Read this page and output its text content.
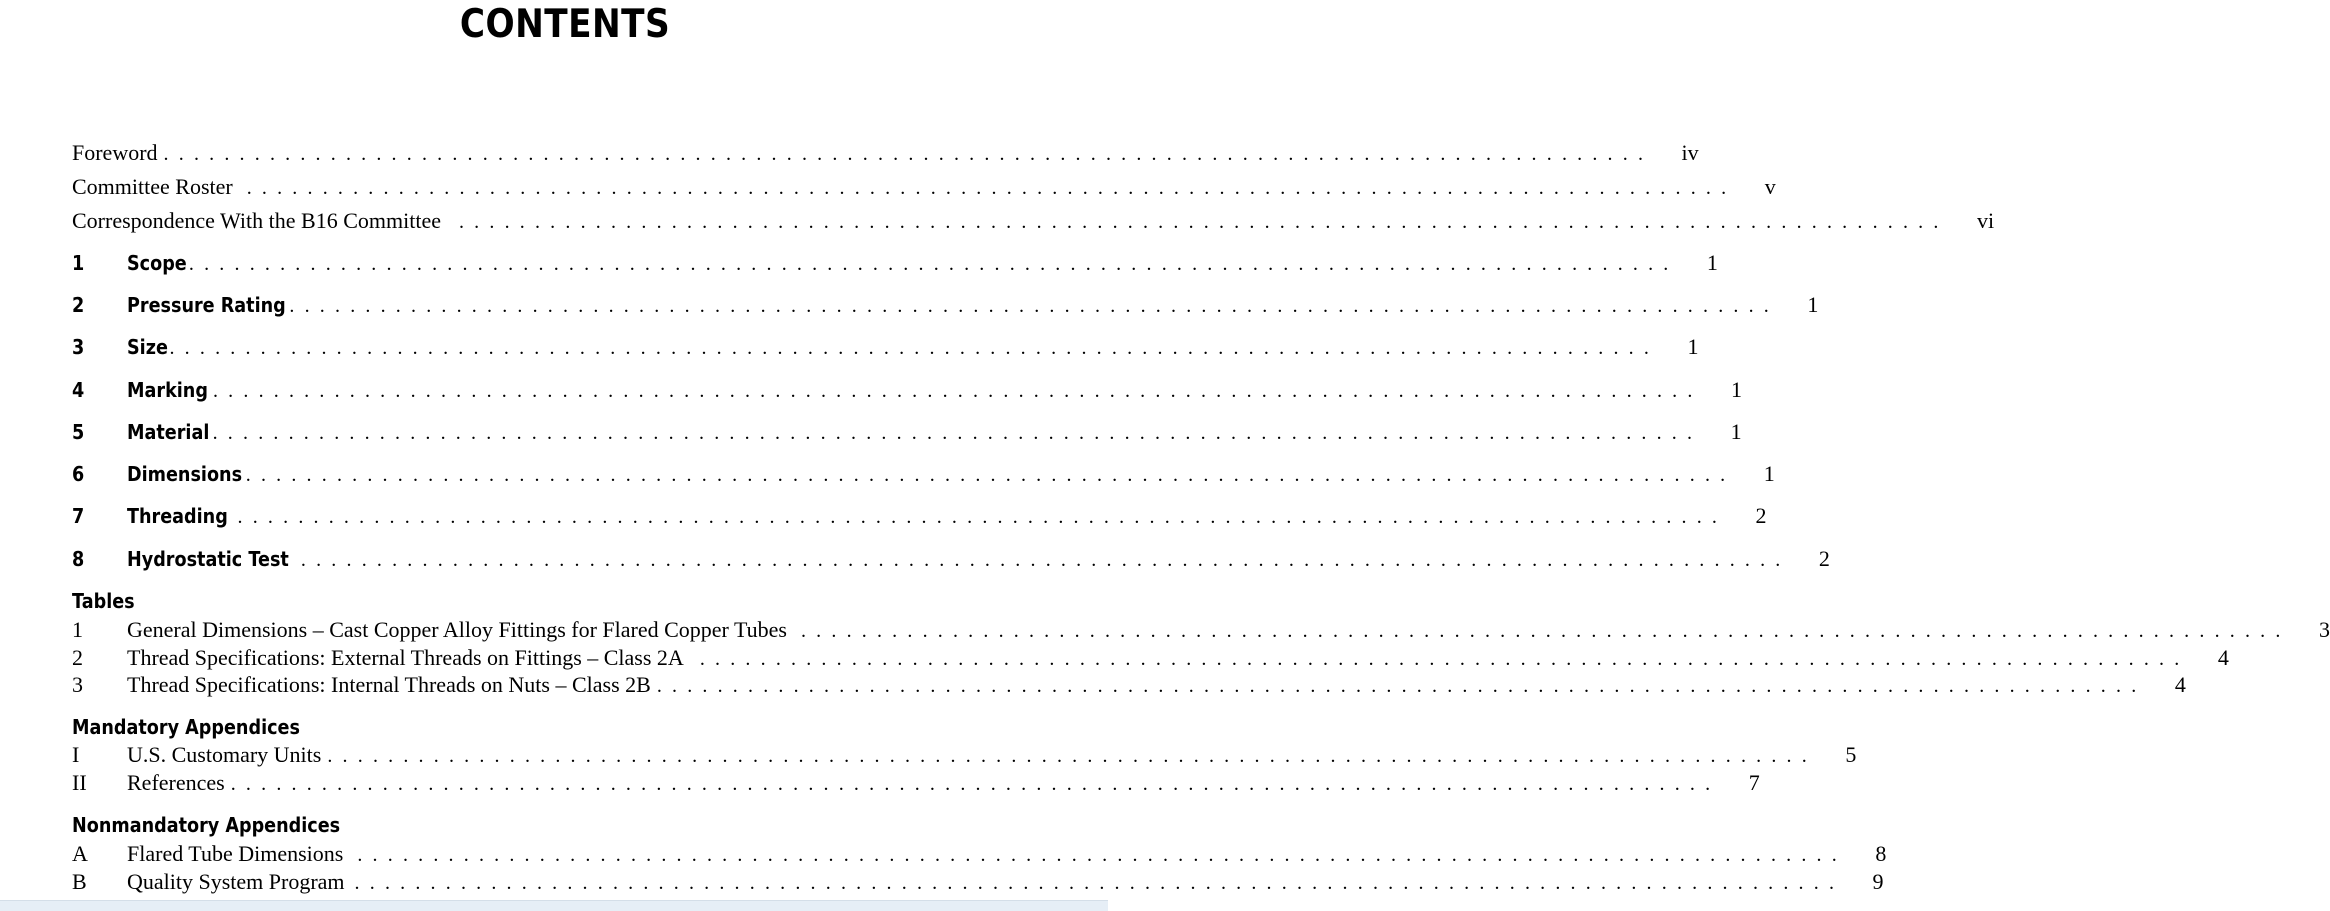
CONTENTS
Foreword . . . . . . . . . . . . . . . . . . . . . . . . . . . . . . . . . . . . . . . . . . . . . . . . . . . . . . . . . . . . . . . . . . . . . . . . . . . . . . . . . . . . . . . . . . . . . . . . . . iv
Committee Roster . . . . . . . . . . . . . . . . . . . . . . . . . . . . . . . . . . . . . . . . . . . . . . . . . . . . . . . . . . . . . . . . . . . . . . . . . . . . . . . . . . . . . . . . . . . . . . . . . . v
Correspondence With the B16 Committee . . . . . . . . . . . . . . . . . . . . . . . . . . . . . . . . . . . . . . . . . . . . . . . . . . . . . . . . . . . . . . . . . . . . . . . . . . . . . . . . . . . . . . . . . . . . . . . . . . vi
1	Scope . . . . . . . . . . . . . . . . . . . . . . . . . . . . . . . . . . . . . . . . . . . . . . . . . . . . . . . . . . . . . . . . . . . . . . . . . . . . . . . . . . . . . . . . . . . . . . . . . . 1
2	Pressure Rating . . . . . . . . . . . . . . . . . . . . . . . . . . . . . . . . . . . . . . . . . . . . . . . . . . . . . . . . . . . . . . . . . . . . . . . . . . . . . . . . . . . . . . . . . . . . . . . . . . 1
3	Size . . . . . . . . . . . . . . . . . . . . . . . . . . . . . . . . . . . . . . . . . . . . . . . . . . . . . . . . . . . . . . . . . . . . . . . . . . . . . . . . . . . . . . . . . . . . . . . . . . 1
4	Marking . . . . . . . . . . . . . . . . . . . . . . . . . . . . . . . . . . . . . . . . . . . . . . . . . . . . . . . . . . . . . . . . . . . . . . . . . . . . . . . . . . . . . . . . . . . . . . . . . . 1
5	Material . . . . . . . . . . . . . . . . . . . . . . . . . . . . . . . . . . . . . . . . . . . . . . . . . . . . . . . . . . . . . . . . . . . . . . . . . . . . . . . . . . . . . . . . . . . . . . . . . . 1
6	Dimensions . . . . . . . . . . . . . . . . . . . . . . . . . . . . . . . . . . . . . . . . . . . . . . . . . . . . . . . . . . . . . . . . . . . . . . . . . . . . . . . . . . . . . . . . . . . . . . . . . . 1
7	Threading . . . . . . . . . . . . . . . . . . . . . . . . . . . . . . . . . . . . . . . . . . . . . . . . . . . . . . . . . . . . . . . . . . . . . . . . . . . . . . . . . . . . . . . . . . . . . . . . . . 2
8	Hydrostatic Test . . . . . . . . . . . . . . . . . . . . . . . . . . . . . . . . . . . . . . . . . . . . . . . . . . . . . . . . . . . . . . . . . . . . . . . . . . . . . . . . . . . . . . . . . . . . . . . . . . 2
Tables
1	General Dimensions – Cast Copper Alloy Fittings for Flared Copper Tubes . . . . . . . . . . . . . . . . . . . . . . . . . . . . . . . . . . . . . . . . . . . . . . . . . . . . . . . . . . . . . . . . . . . . . . . . . . . . . . . . . . . . . . . . . . . . . . . . . . 3
2	Thread Specifications: External Threads on Fittings – Class 2A . . . . . . . . . . . . . . . . . . . . . . . . . . . . . . . . . . . . . . . . . . . . . . . . . . . . . . . . . . . . . . . . . . . . . . . . . . . . . . . . . . . . . . . . . . . . . . . . . . 4
3	Thread Specifications: Internal Threads on Nuts – Class 2B . . . . . . . . . . . . . . . . . . . . . . . . . . . . . . . . . . . . . . . . . . . . . . . . . . . . . . . . . . . . . . . . . . . . . . . . . . . . . . . . . . . . . . . . . . . . . . . . . . 4
Mandatory Appendices
I	U.S. Customary Units . . . . . . . . . . . . . . . . . . . . . . . . . . . . . . . . . . . . . . . . . . . . . . . . . . . . . . . . . . . . . . . . . . . . . . . . . . . . . . . . . . . . . . . . . . . . . . . . . . 5
II	References . . . . . . . . . . . . . . . . . . . . . . . . . . . . . . . . . . . . . . . . . . . . . . . . . . . . . . . . . . . . . . . . . . . . . . . . . . . . . . . . . . . . . . . . . . . . . . . . . . 7
Nonmandatory Appendices
A	Flared Tube Dimensions . . . . . . . . . . . . . . . . . . . . . . . . . . . . . . . . . . . . . . . . . . . . . . . . . . . . . . . . . . . . . . . . . . . . . . . . . . . . . . . . . . . . . . . . . . . . . . . . . . 8
B	Quality System Program . . . . . . . . . . . . . . . . . . . . . . . . . . . . . . . . . . . . . . . . . . . . . . . . . . . . . . . . . . . . . . . . . . . . . . . . . . . . . . . . . . . . . . . . . . . . . . . . . . 9
